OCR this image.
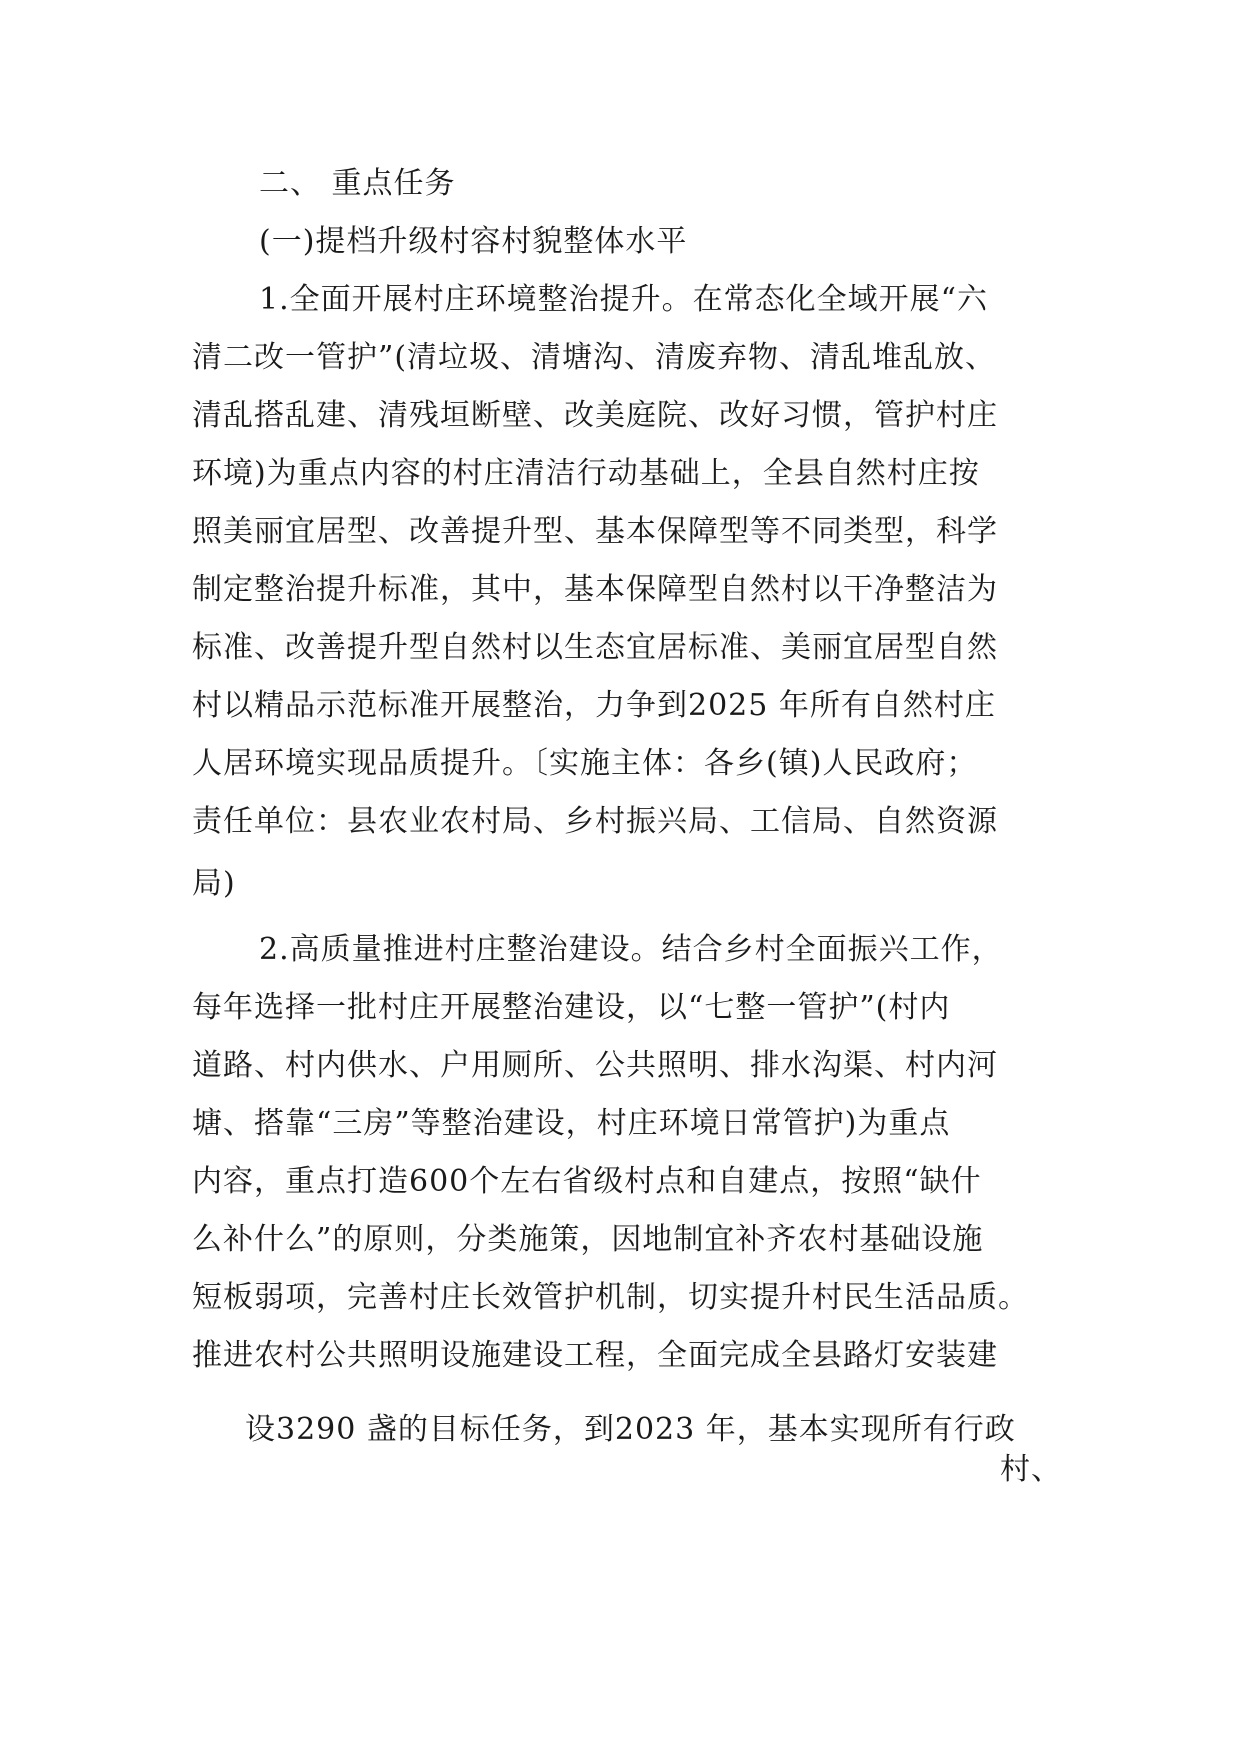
二、 重点任务
(一)提档升级村容村貌整体水平
1.全面开展村庄环境整治提升。在常态化全域开展“六
清二改一管护”(清垃圾、清塘沟、清废弃物、清乱堆乱放、
清乱搭乱建、清残垣断壁、改美庭院、改好习惯，管护村庄
环境)为重点内容的村庄清洁行动基础上，全县自然村庄按
照美丽宜居型、改善提升型、基本保障型等不同类型，科学
制定整治提升标准，其中，基本保障型自然村以干净整洁为
标准、改善提升型自然村以生态宜居标准、美丽宜居型自然
村以精品示范标准开展整治，力争到2025 年所有自然村庄
人居环境实现品质提升。〔实施主体：各乡(镇)人民政府；
责任单位：县农业农村局、乡村振兴局、工信局、自然资源
局)
2.高质量推进村庄整治建设。结合乡村全面振兴工作，
每年选择一批村庄开展整治建设，以“七整一管护”(村内
道路、村内供水、户用厕所、公共照明、排水沟渠、村内河
塘、搭靠“三房”等整治建设，村庄环境日常管护)为重点
内容，重点打造600个左右省级村点和自建点，按照“缺什
么补什么”的原则，分类施策，因地制宜补齐农村基础设施
短板弱项，完善村庄长效管护机制，切实提升村民生活品质。
推进农村公共照明设施建设工程，全面完成全县路灯安装建
设3290 盏的目标任务，到2023 年，基本实现所有行政
村、
